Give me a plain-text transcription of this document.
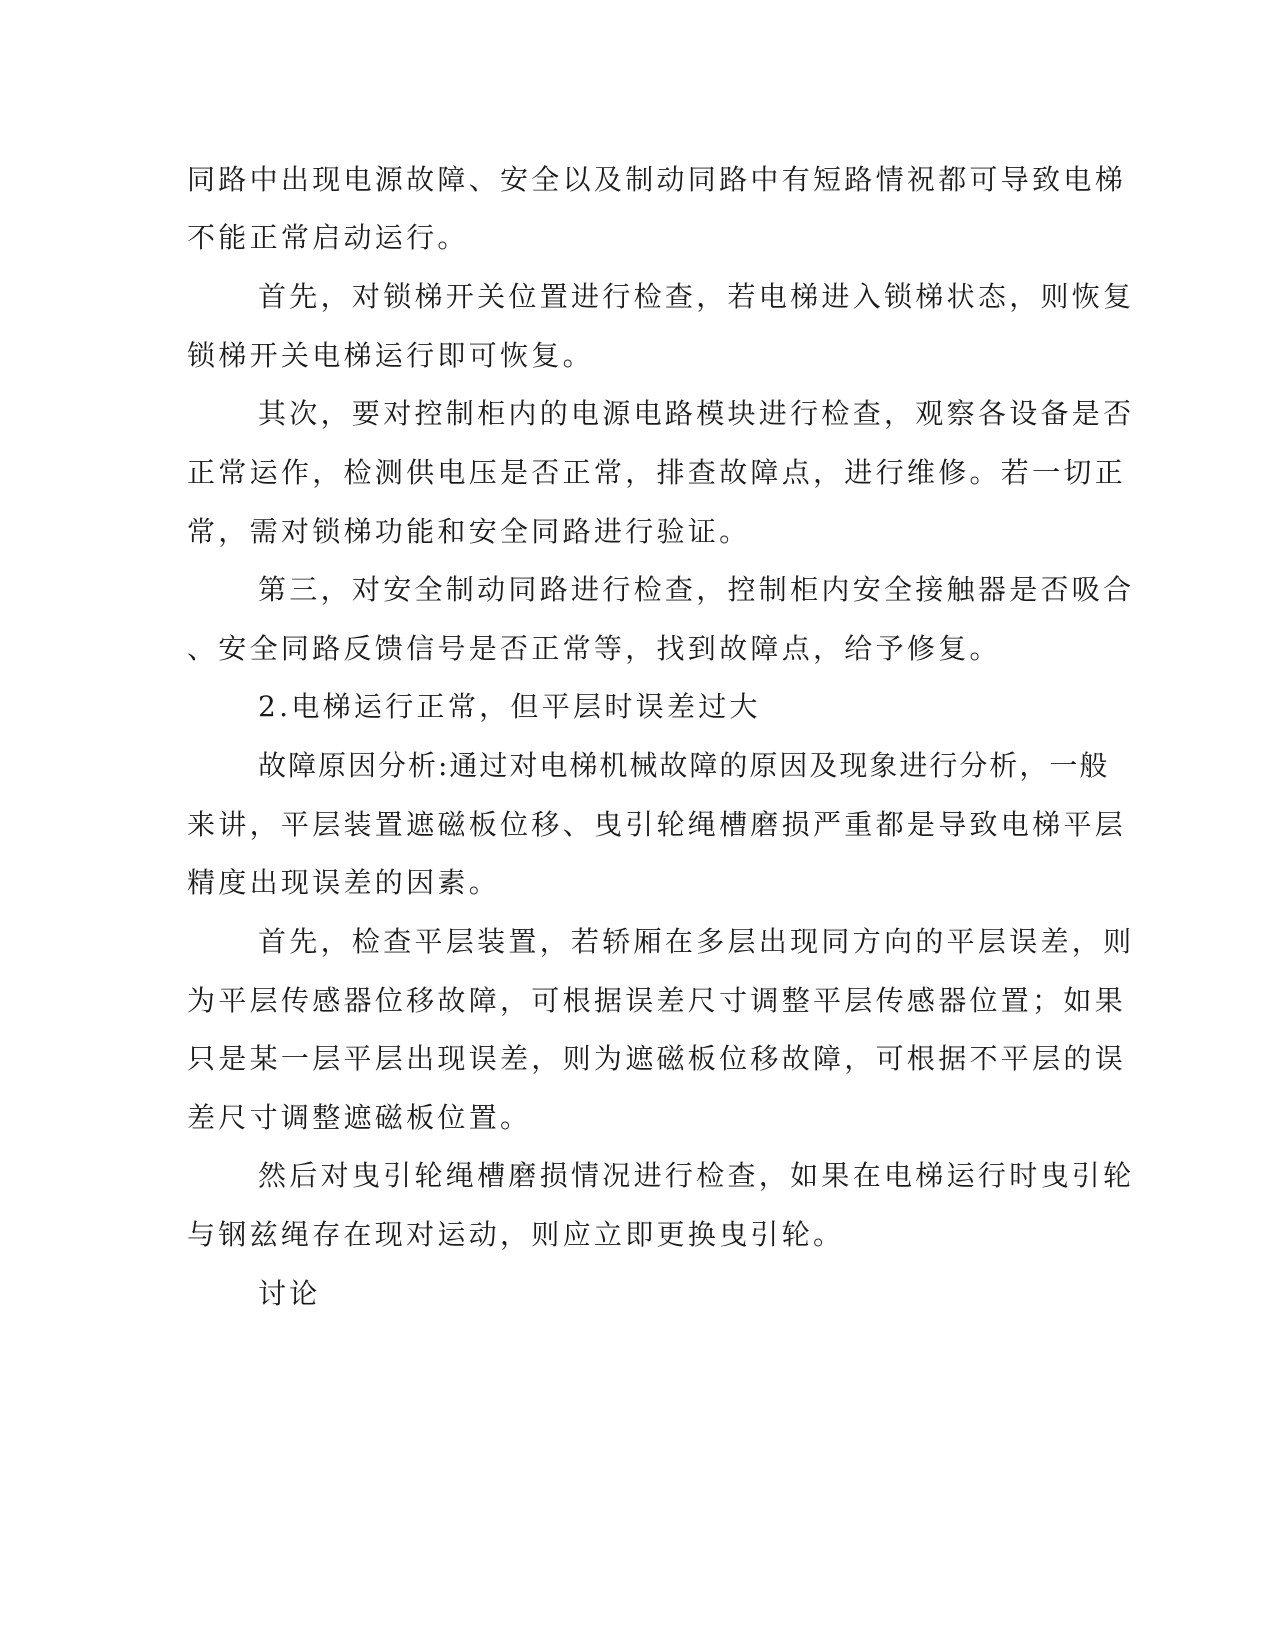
同路中出现电源故障、安全以及制动同路中有短路情祝都可导致电梯
不能正常启动运行。
首先，对锁梯开关位置进行检查，若电梯进入锁梯状态，则恢复
锁梯开关电梯运行即可恢复。
其次，要对控制柜内的电源电路模块进行检查，观察各设备是否
正常运作，检测供电压是否正常，排查故障点，进行维修。若一切正
常，需对锁梯功能和安全同路进行验证。
第三，对安全制动同路进行检查，控制柜内安全接触器是否吸合
、安全同路反馈信号是否正常等，找到故障点，给予修复。
2.电梯运行正常，但平层时误差过大
故障原因分析:通过对电梯机械故障的原因及现象进行分析，一般
来讲，平层装置遮磁板位移、曳引轮绳槽磨损严重都是导致电梯平层
精度出现误差的因素。
首先，检查平层装置，若轿厢在多层出现同方向的平层误差，则
为平层传感器位移故障，可根据误差尺寸调整平层传感器位置；如果
只是某一层平层出现误差，则为遮磁板位移故障，可根据不平层的误
差尺寸调整遮磁板位置。
然后对曳引轮绳槽磨损情况进行检查，如果在电梯运行时曳引轮
与钢兹绳存在现对运动，则应立即更换曳引轮。
讨论
